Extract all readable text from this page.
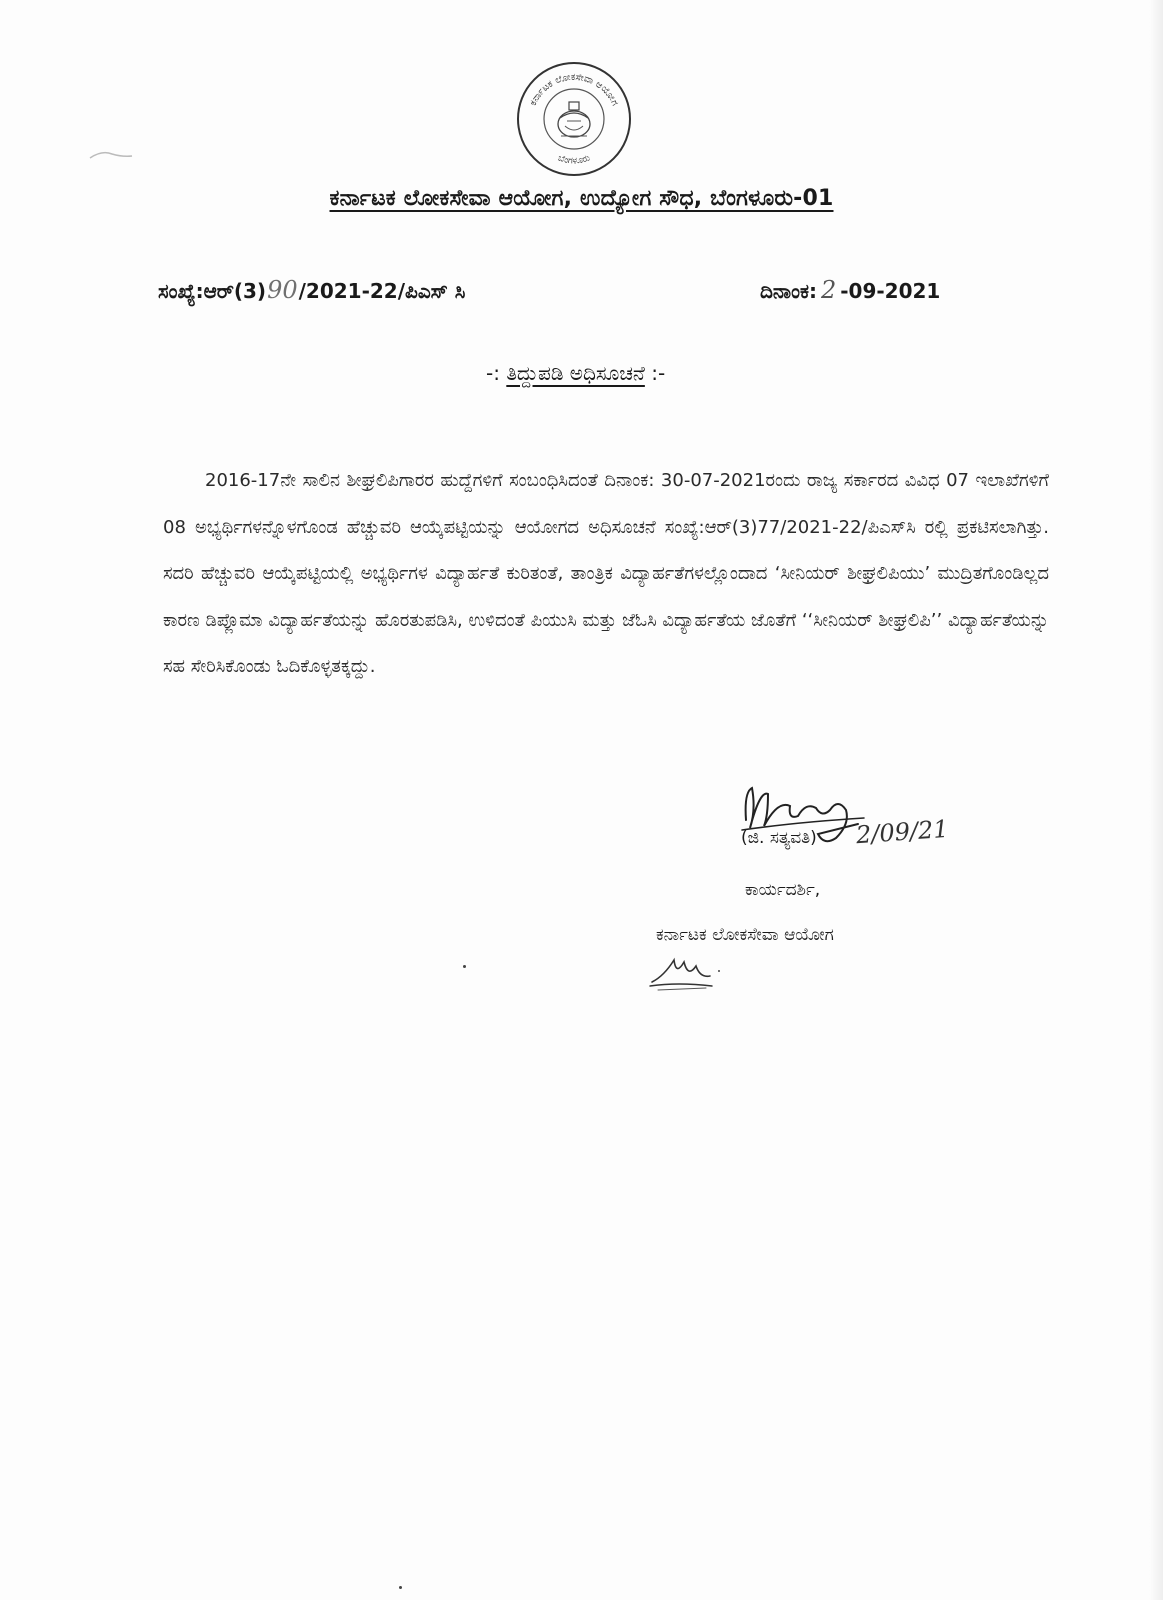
ಕರ್ನಾಟಕ ಲೋಕಸೇವಾ ಆಯೋಗ
ಬೆಂಗಳೂರು
ಕರ್ನಾಟಕ ಲೋಕಸೇವಾ ಆಯೋಗ, ಉದ್ಯೋಗ ಸೌಧ, ಬೆಂಗಳೂರು-01
ಸಂಖ್ಯೆ:ಆರ್(3)90/2021-22/ಪಿಎಸ್ ಸಿ	ದಿನಾಂಕ: 2 -09-2021
-: ತಿದ್ದುಪಡಿ ಅಧಿಸೂಚನೆ :-

2016-17ನೇ ಸಾಲಿನ ಶೀಘ್ರಲಿಪಿಗಾರರ ಹುದ್ದೆಗಳಿಗೆ ಸಂಬಂಧಿಸಿದಂತೆ ದಿನಾಂಕ: 30-07-2021ರಂದು ರಾಜ್ಯ ಸರ್ಕಾರದ ವಿವಿಧ 07 ಇಲಾಖೆಗಳಿಗೆ 08 ಅಭ್ಯರ್ಥಿಗಳನ್ನೊಳಗೊಂಡ ಹೆಚ್ಚುವರಿ ಆಯ್ಕೆಪಟ್ಟಿಯನ್ನು ಆಯೋಗದ ಅಧಿಸೂಚನೆ ಸಂಖ್ಯೆ:ಆರ್(3)77/2021-22/ಪಿಎಸ್‌ಸಿ ರಲ್ಲಿ ಪ್ರಕಟಿಸಲಾಗಿತ್ತು. ಸದರಿ ಹೆಚ್ಚುವರಿ ಆಯ್ಕೆಪಟ್ಟಿಯಲ್ಲಿ ಅಭ್ಯರ್ಥಿಗಳ ವಿದ್ಯಾರ್ಹತೆ ಕುರಿತಂತೆ, ತಾಂತ್ರಿಕ ವಿದ್ಯಾರ್ಹತೆಗಳಲ್ಲೊಂದಾದ ‘ಸೀನಿಯರ್ ಶೀಘ್ರಲಿಪಿಯು’ ಮುದ್ರಿತಗೊಂಡಿಲ್ಲದ ಕಾರಣ ಡಿಪ್ಲೊಮಾ ವಿದ್ಯಾರ್ಹತೆಯನ್ನು ಹೊರತುಪಡಿಸಿ, ಉಳಿದಂತೆ ಪಿಯುಸಿ ಮತ್ತು ಜೆಓಸಿ ವಿದ್ಯಾರ್ಹತೆಯ ಜೊತೆಗೆ ‘‘ಸೀನಿಯರ್ ಶೀಘ್ರಲಿಪಿ’’ ವಿದ್ಯಾರ್ಹತೆಯನ್ನು ಸಹ ಸೇರಿಸಿಕೊಂಡು ಓದಿಕೊಳ್ಳತಕ್ಕದ್ದು.

(ಜಿ. ಸತ್ಯವತಿ) 2/09/21
ಕಾರ್ಯದರ್ಶಿ,
ಕರ್ನಾಟಕ ಲೋಕಸೇವಾ ಆಯೋಗ
